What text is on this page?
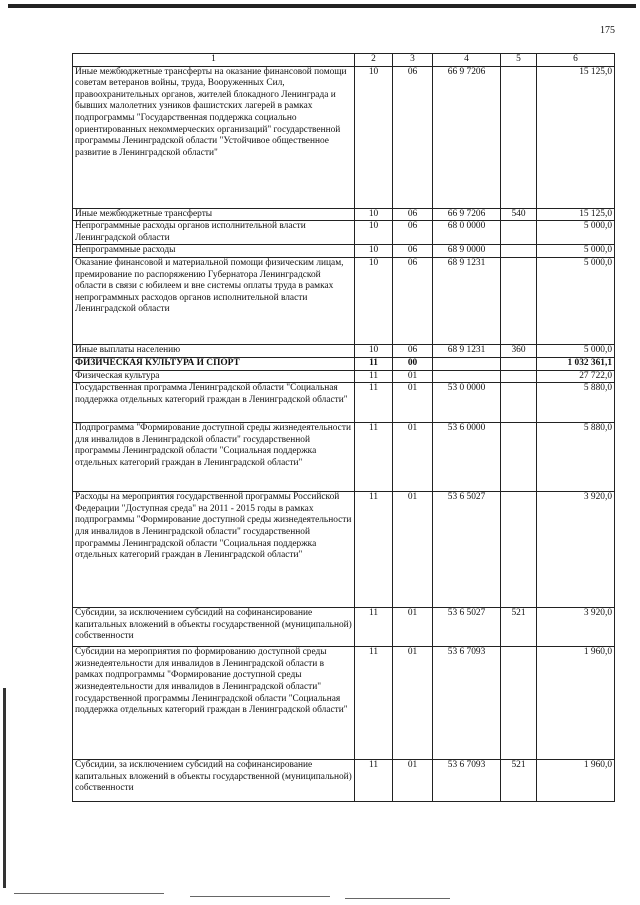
175
1	2	3	4	5	6
Иные межбюджетные трансферты на оказание финансовой помощи советам ветеранов войны, труда, Вооруженных Сил, правоохранительных органов, жителей блокадного Ленинграда и бывших малолетних узников фашистских лагерей в рамках подпрограммы "Государственная поддержка социально ориентированных некоммерческих организаций" государственной программы Ленинградской области "Устойчивое общественное развитие в Ленинградской области"	10	06	66 9 7206		15 125,0
Иные межбюджетные трансферты	10	06	66 9 7206	540	15 125,0
Непрограммные расходы органов исполнительной власти Ленинградской области	10	06	68 0 0000		5 000,0
Непрограммные расходы	10	06	68 9 0000		5 000,0
Оказание финансовой и материальной помощи физическим лицам, премирование по распоряжению Губернатора Ленинградской области в связи с юбилеем и вне системы оплаты труда в рамках непрограммных расходов органов исполнительной власти Ленинградской области	10	06	68 9 1231		5 000,0
Иные выплаты населению	10	06	68 9 1231	360	5 000,0
ФИЗИЧЕСКАЯ КУЛЬТУРА И СПОРТ	11	00			1 032 361,1
Физическая культура	11	01			27 722,0
Государственная программа Ленинградской области "Социальная поддержка отдельных категорий граждан в Ленинградской области"	11	01	53 0 0000		5 880,0
Подпрограмма "Формирование доступной среды жизнедеятельности для инвалидов в Ленинградской области" государственной программы Ленинградской области "Социальная поддержка отдельных категорий граждан в Ленинградской области"	11	01	53 6 0000		5 880,0
Расходы на мероприятия государственной программы Российской Федерации "Доступная среда" на 2011 - 2015 годы в рамках подпрограммы "Формирование доступной среды жизнедеятельности для инвалидов в Ленинградской области" государственной программы Ленинградской области "Социальная поддержка отдельных категорий граждан в Ленинградской области"	11	01	53 6 5027		3 920,0
Субсидии, за исключением субсидий на софинансирование капитальных вложений в объекты государственной (муниципальной) собственности	11	01	53 6 5027	521	3 920,0
Субсидии на мероприятия по формированию доступной среды жизнедеятельности для инвалидов в Ленинградской области в рамках подпрограммы "Формирование доступной среды жизнедеятельности для инвалидов в Ленинградской области" государственной программы Ленинградской области "Социальная поддержка отдельных категорий граждан в Ленинградской области"	11	01	53 6 7093		1 960,0
Субсидии, за исключением субсидий на софинансирование капитальных вложений в объекты государственной (муниципальной) собственности	11	01	53 6 7093	521	1 960,0
